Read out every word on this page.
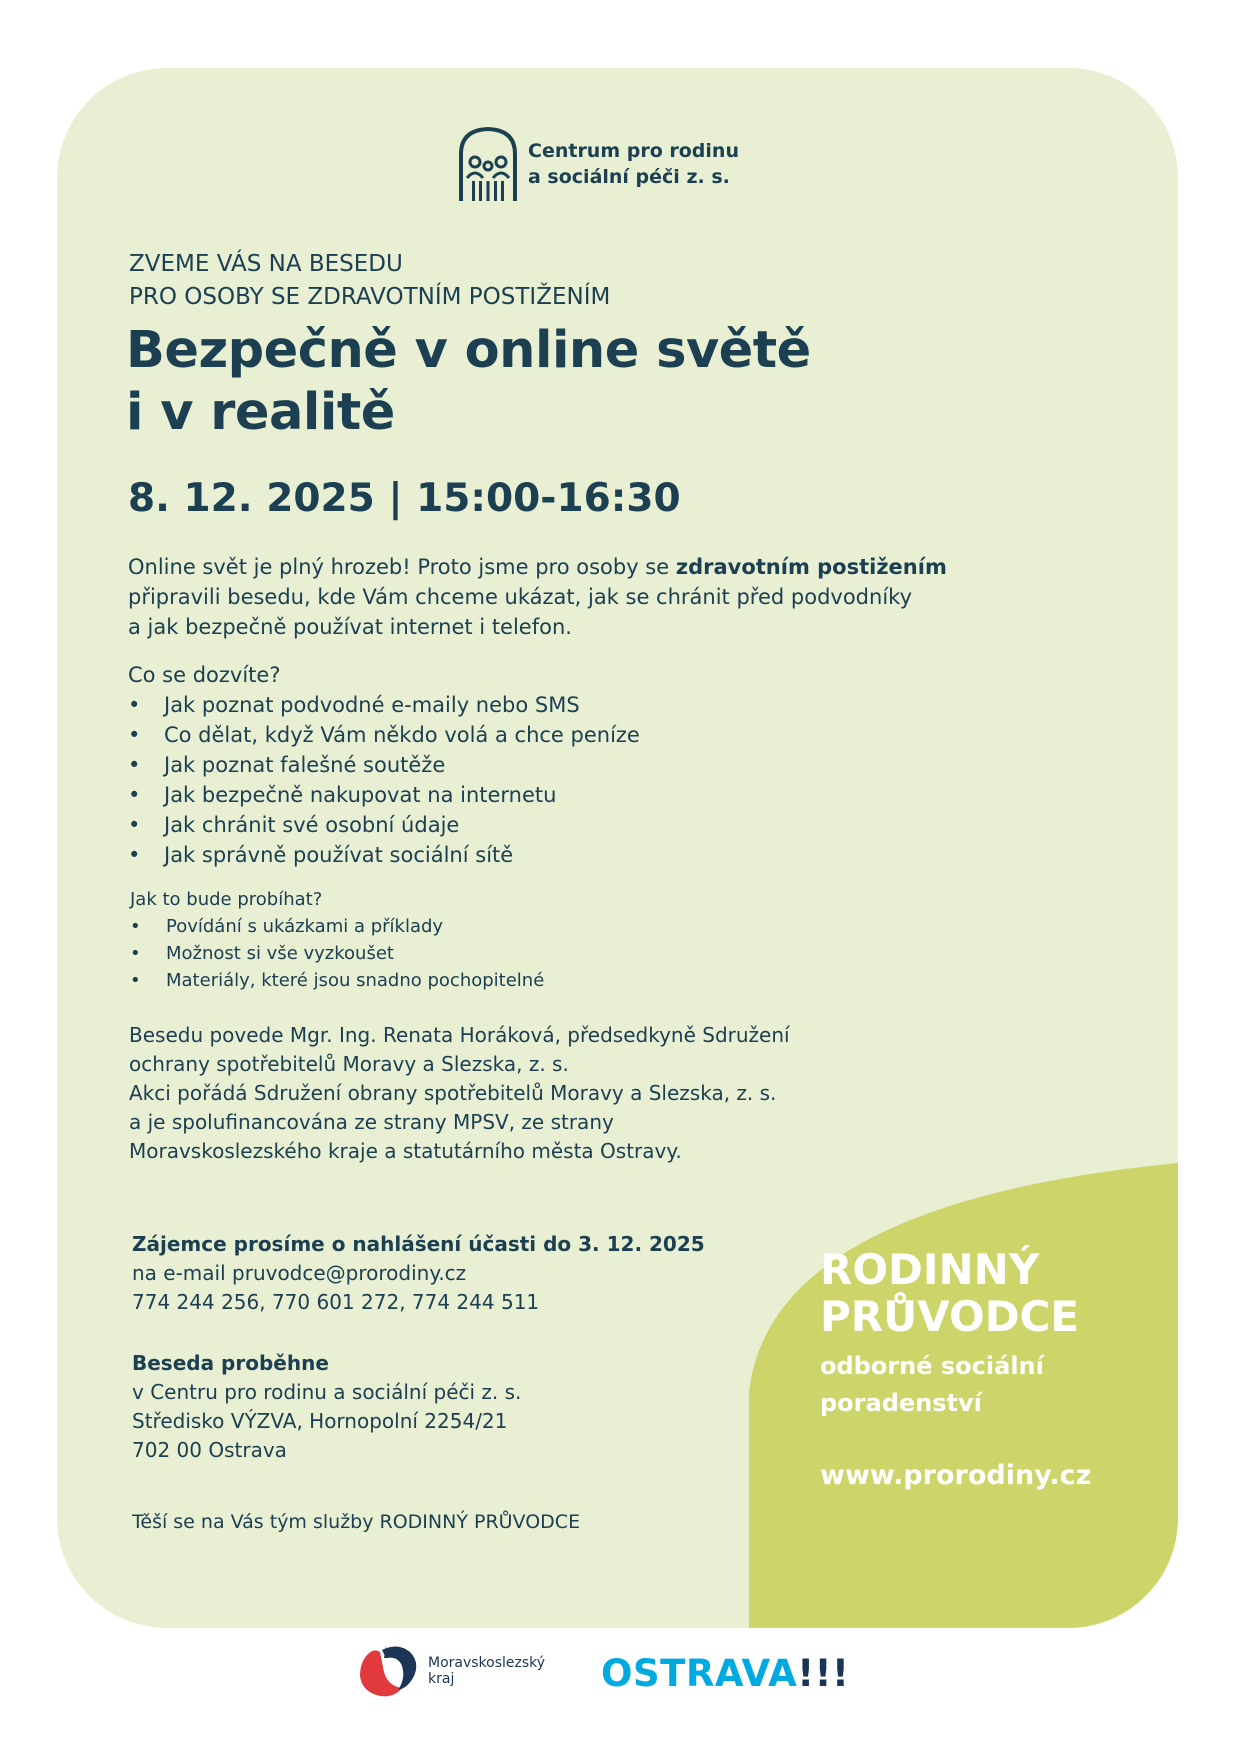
Centrum pro rodinu
a sociální péči z. s.
ZVEME VÁS NA BESEDU
PRO OSOBY SE ZDRAVOTNÍM POSTIŽENÍM
Bezpečně v online světě
i v realitě
8. 12. 2025 | 15:00-16:30
Online svět je plný hrozeb! Proto jsme pro osoby se zdravotním postižením
připravili besedu, kde Vám chceme ukázat, jak se chránit před podvodníky
a jak bezpečně používat internet i telefon.
Co se dozvíte?
• Jak poznat podvodné e-maily nebo SMS
• Co dělat, když Vám někdo volá a chce peníze
• Jak poznat falešné soutěže
• Jak bezpečně nakupovat na internetu
• Jak chránit své osobní údaje
• Jak správně používat sociální sítě
Jak to bude probíhat?
• Povídání s ukázkami a příklady
• Možnost si vše vyzkoušet
• Materiály, které jsou snadno pochopitelné
Besedu povede Mgr. Ing. Renata Horáková, předsedkyně Sdružení
ochrany spotřebitelů Moravy a Slezska, z. s.
Akci pořádá Sdružení obrany spotřebitelů Moravy a Slezska, z. s.
a je spolufinancována ze strany MPSV, ze strany
Moravskoslezského kraje a statutárního města Ostravy.
Zájemce prosíme o nahlášení účasti do 3. 12. 2025
na e-mail pruvodce@prorodiny.cz
774 244 256, 770 601 272, 774 244 511
Beseda proběhne
v Centru pro rodinu a sociální péči z. s.
Středisko VÝZVA, Hornopolní 2254/21
702 00 Ostrava
Těší se na Vás tým služby RODINNÝ PRŮVODCE
RODINNÝ
PRŮVODCE
odborné sociální
poradenství
www.prorodiny.cz
Moravskoslezský
kraj	OSTRAVA!!!
